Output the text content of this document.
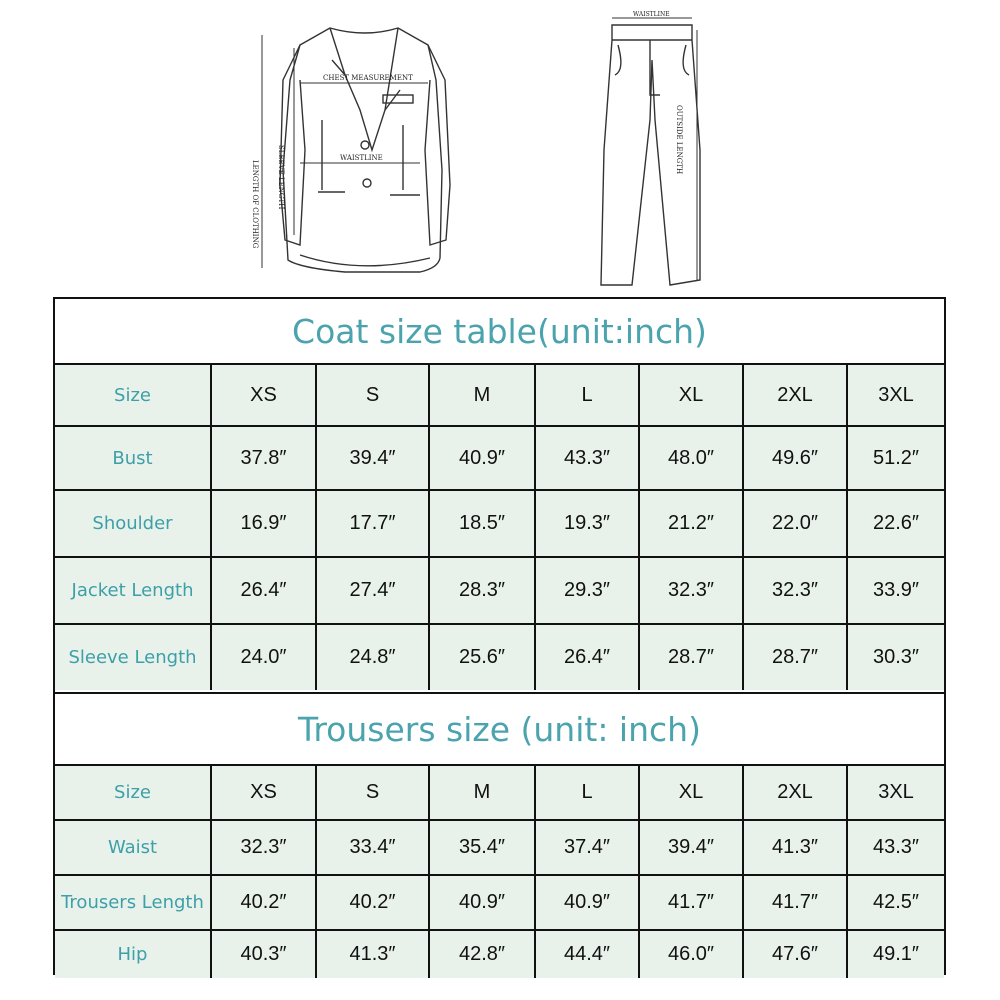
CHEST MEASUREMENT
WAISTLINE
SLEEVE LENGTH
LENGTH OF CLOTHING
WAISTLINE
OUTSIDE LENGTH
Coat size table(unit:inch)
Size	XS	S	M	L	XL	2XL	3XL
Bust	37.8″	39.4″	40.9″	43.3″	48.0″	49.6″	51.2″
Shoulder	16.9″	17.7″	18.5″	19.3″	21.2″	22.0″	22.6″
Jacket Length	26.4″	27.4″	28.3″	29.3″	32.3″	32.3″	33.9″
Sleeve Length	24.0″	24.8″	25.6″	26.4″	28.7″	28.7″	30.3″
Trousers size (unit: inch)
Size	XS	S	M	L	XL	2XL	3XL
Waist	32.3″	33.4″	35.4″	37.4″	39.4″	41.3″	43.3″
Trousers Length	40.2″	40.2″	40.9″	40.9″	41.7″	41.7″	42.5″
Hip	40.3″	41.3″	42.8″	44.4″	46.0″	47.6″	49.1″
